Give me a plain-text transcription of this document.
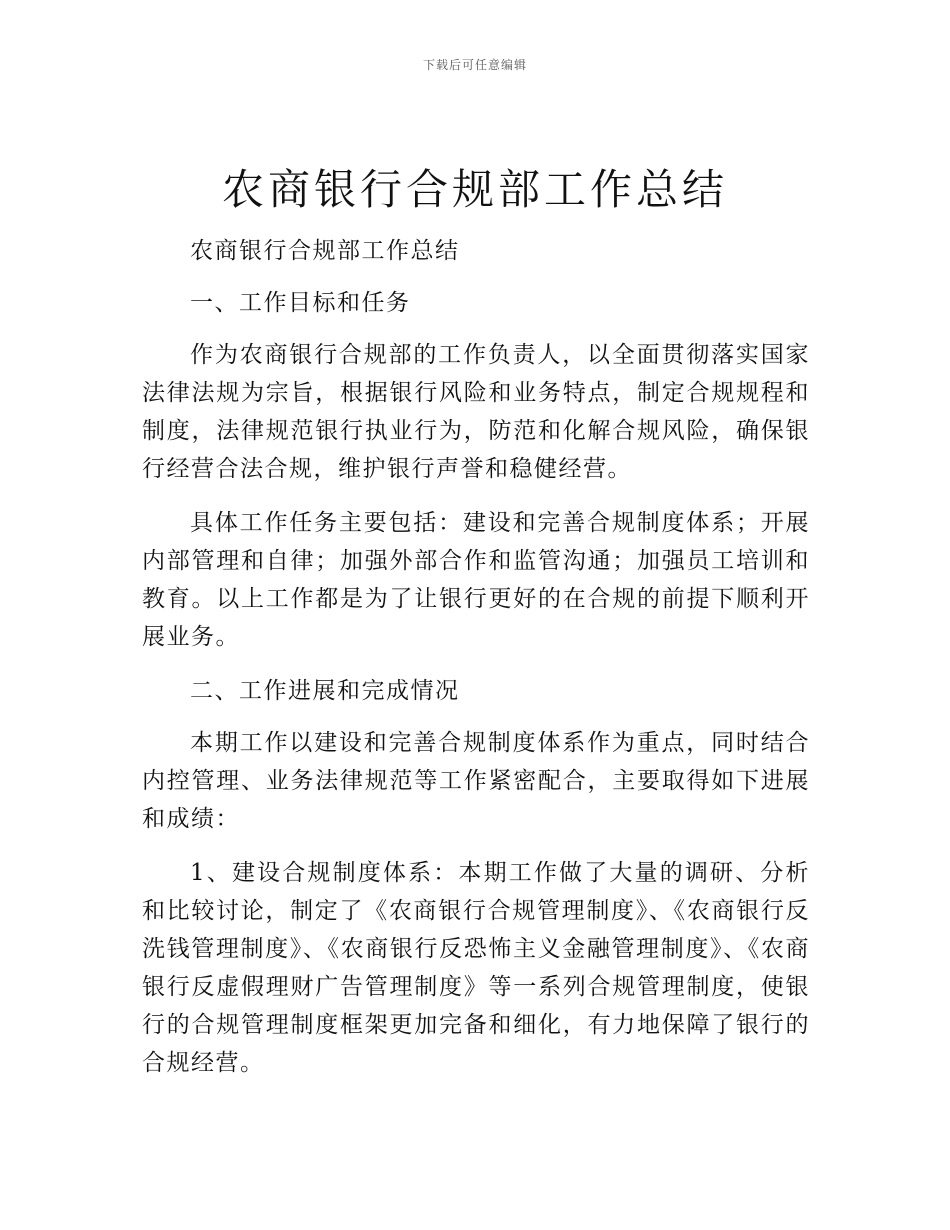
下载后可任意编辑
农商银行合规部工作总结

农商银行合规部工作总结

一、工作目标和任务

作为农商银行合规部的工作负责人，以全面贯彻落实国家法律法规为宗旨，根据银行风险和业务特点，制定合规规程和制度，法律规范银行执业行为，防范和化解合规风险，确保银行经营合法合规，维护银行声誉和稳健经营。

具体工作任务主要包括：建设和完善合规制度体系；开展内部管理和自律；加强外部合作和监管沟通；加强员工培训和教育。以上工作都是为了让银行更好的在合规的前提下顺利开展业务。

二、工作进展和完成情况

本期工作以建设和完善合规制度体系作为重点，同时结合内控管理、业务法律规范等工作紧密配合，主要取得如下进展和成绩：

1、建设合规制度体系：本期工作做了大量的调研、分析和比较讨论，制定了《农商银行合规管理制度》、《农商银行反洗钱管理制度》、《农商银行反恐怖主义金融管理制度》、《农商银行反虚假理财广告管理制度》等一系列合规管理制度，使银行的合规管理制度框架更加完备和细化，有力地保障了银行的合规经营。
